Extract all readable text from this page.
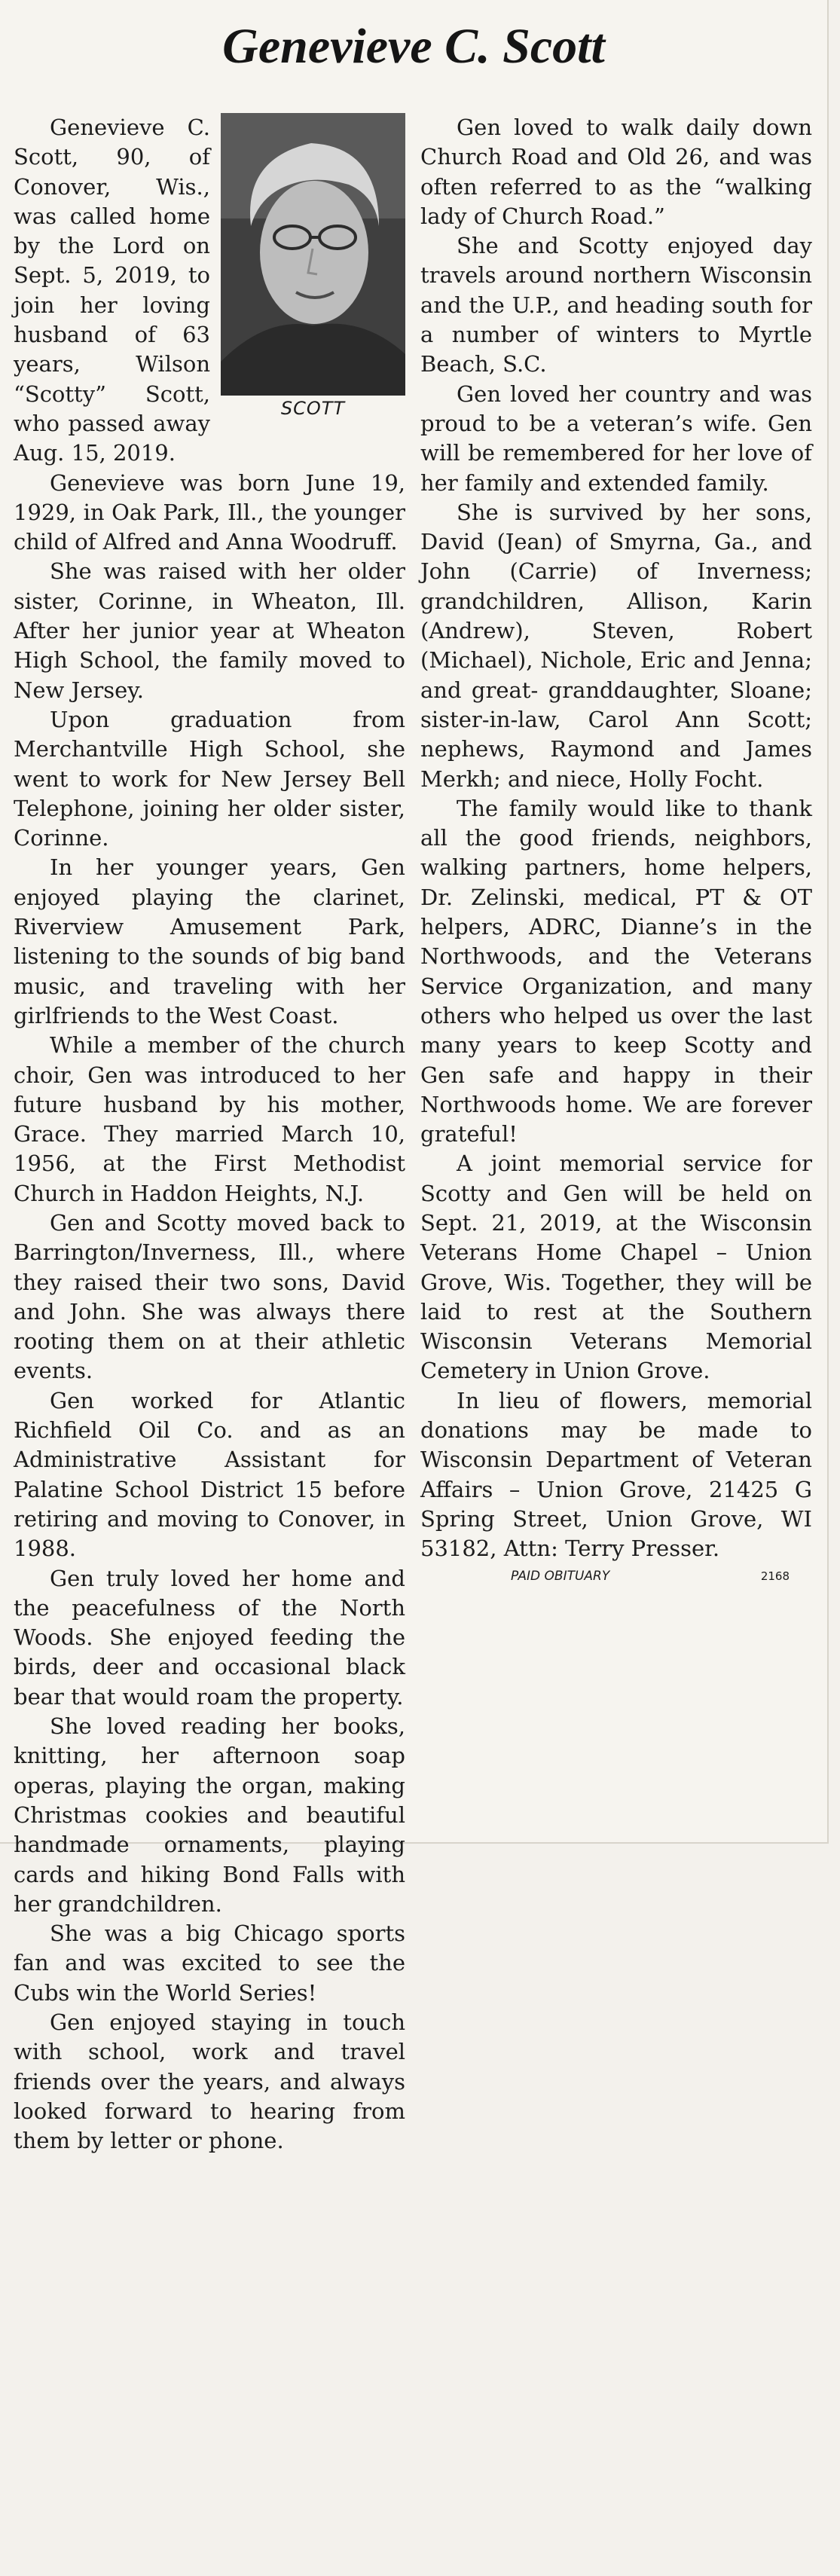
Genevieve C. Scott
SCOTT

Genevieve C. Scott, 90, of Conover, Wis., was called home by the Lord on Sept. 5, 2019, to join her loving husband of 63 years, Wilson “Scotty” Scott, who passed away Aug. 15, 2019.

Genevieve was born June 19, 1929, in Oak Park, Ill., the younger child of Alfred and Anna Woodruff.

She was raised with her older sister, Corinne, in Wheaton, Ill. After her junior year at Wheaton High School, the family moved to New Jersey.

Upon graduation from Merchantville High School, she went to work for New Jersey Bell Telephone, joining her older sister, Corinne.

In her younger years, Gen enjoyed playing the clarinet, Riverview Amusement Park, listening to the sounds of big band music, and traveling with her girlfriends to the West Coast.

While a member of the church choir, Gen was introduced to her future husband by his mother, Grace. They married March 10, 1956, at the First Methodist Church in Haddon Heights, N.J.

Gen and Scotty moved back to Barrington/Inverness, Ill., where they raised their two sons, David and John. She was always there rooting them on at their athletic events.

Gen worked for Atlantic Richfield Oil Co. and as an Administrative Assistant for Palatine School District 15 before retiring and moving to Conover, in 1988.

Gen truly loved her home and the peacefulness of the North Woods. She enjoyed feeding the birds, deer and occasional black bear that would roam the property.

She loved reading her books, knitting, her afternoon soap operas, playing the organ, making Christmas cookies and beautiful handmade ornaments, playing cards and hiking Bond Falls with her grandchildren.

She was a big Chicago sports fan and was excited to see the Cubs win the World Series!

Gen enjoyed staying in touch with school, work and travel friends over the years, and always looked forward to hearing from them by letter or phone.

Gen loved to walk daily down Church Road and Old 26, and was often referred to as the “walking lady of Church Road.”

She and Scotty enjoyed day travels around northern Wisconsin and the U.P., and heading south for a number of winters to Myrtle Beach, S.C.

Gen loved her country and was proud to be a veteran’s wife. Gen will be remembered for her love of her family and extended family.

She is survived by her sons, David (Jean) of Smyrna, Ga., and John (Carrie) of Inverness; grandchildren, Allison, Karin (Andrew), Steven, Robert (Michael), Nichole, Eric and Jenna; and great- granddaughter, Sloane; sister-in-law, Carol Ann Scott; nephews, Raymond and James Merkh; and niece, Holly Focht.

The family would like to thank all the good friends, neighbors, walking partners, home helpers, Dr. Zelinski, medical, PT & OT helpers, ADRC, Dianne’s in the Northwoods, and the Veterans Service Organization, and many others who helped us over the last many years to keep Scotty and Gen safe and happy in their Northwoods home. We are forever grateful!

A joint memorial service for Scotty and Gen will be held on Sept. 21, 2019, at the Wisconsin Veterans Home Chapel – Union Grove, Wis. Together, they will be laid to rest at the Southern Wisconsin Veterans Memorial Cemetery in Union Grove.

In lieu of flowers, memorial donations may be made to Wisconsin Department of Veteran Affairs – Union Grove, 21425 G Spring Street, Union Grove, WI 53182, Attn: Terry Presser.

PAID OBITUARY	2168
